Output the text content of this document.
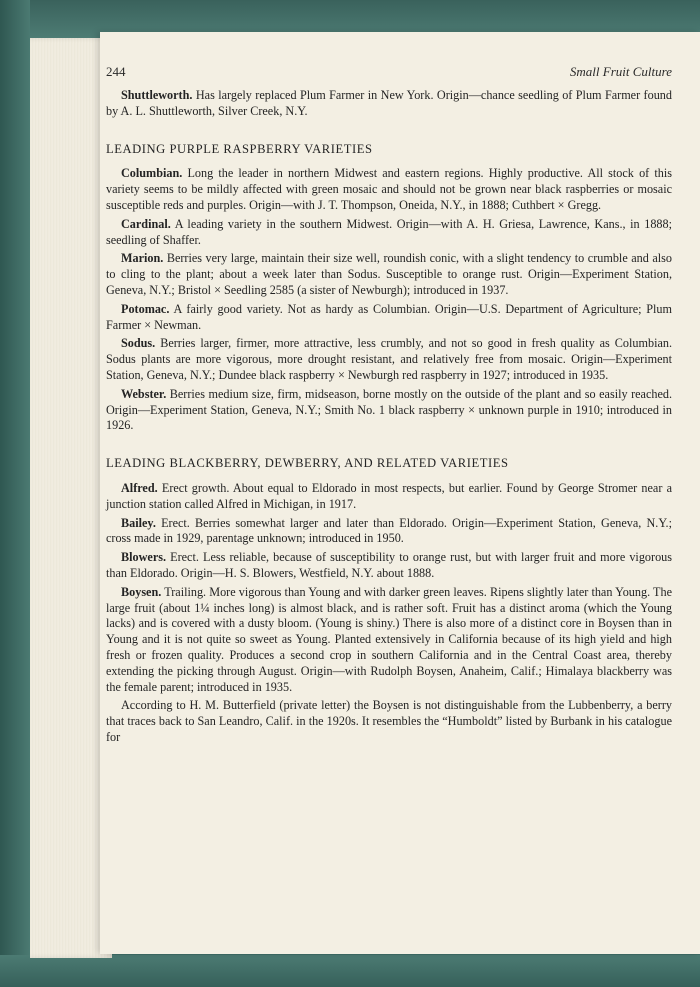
244	Small Fruit Culture

Shuttleworth. Has largely replaced Plum Farmer in New York. Origin—chance seedling of Plum Farmer found by A. L. Shuttleworth, Silver Creek, N.Y.

LEADING PURPLE RASPBERRY VARIETIES

Columbian. Long the leader in northern Midwest and eastern regions. Highly productive. All stock of this variety seems to be mildly affected with green mosaic and should not be grown near black raspberries or mosaic susceptible reds and purples. Origin—with J. T. Thompson, Oneida, N.Y., in 1888; Cuthbert × Gregg.

Cardinal. A leading variety in the southern Midwest. Origin—with A. H. Griesa, Lawrence, Kans., in 1888; seedling of Shaffer.

Marion. Berries very large, maintain their size well, roundish conic, with a slight tendency to crumble and also to cling to the plant; about a week later than Sodus. Susceptible to orange rust. Origin—Experiment Station, Geneva, N.Y.; Bristol × Seedling 2585 (a sister of Newburgh); introduced in 1937.

Potomac. A fairly good variety. Not as hardy as Columbian. Origin—U.S. Department of Agriculture; Plum Farmer × Newman.

Sodus. Berries larger, firmer, more attractive, less crumbly, and not so good in fresh quality as Columbian. Sodus plants are more vigorous, more drought resistant, and relatively free from mosaic. Origin—Experiment Station, Geneva, N.Y.; Dundee black raspberry × Newburgh red raspberry in 1927; introduced in 1935.

Webster. Berries medium size, firm, midseason, borne mostly on the outside of the plant and so easily reached. Origin—Experiment Station, Geneva, N.Y.; Smith No. 1 black raspberry × unknown purple in 1910; introduced in 1926.

LEADING BLACKBERRY, DEWBERRY, AND RELATED VARIETIES

Alfred. Erect growth. About equal to Eldorado in most respects, but earlier. Found by George Stromer near a junction station called Alfred in Michigan, in 1917.

Bailey. Erect. Berries somewhat larger and later than Eldorado. Origin—Experiment Station, Geneva, N.Y.; cross made in 1929, parentage unknown; introduced in 1950.

Blowers. Erect. Less reliable, because of susceptibility to orange rust, but with larger fruit and more vigorous than Eldorado. Origin—H. S. Blowers, Westfield, N.Y. about 1888.

Boysen. Trailing. More vigorous than Young and with darker green leaves. Ripens slightly later than Young. The large fruit (about 1¼ inches long) is almost black, and is rather soft. Fruit has a distinct aroma (which the Young lacks) and is covered with a dusty bloom. (Young is shiny.) There is also more of a distinct core in Boysen than in Young and it is not quite so sweet as Young. Planted extensively in California because of its high yield and high fresh or frozen quality. Produces a second crop in southern California and in the Central Coast area, thereby extending the picking through August. Origin—with Rudolph Boysen, Anaheim, Calif.; Himalaya blackberry was the female parent; introduced in 1935.

According to H. M. Butterfield (private letter) the Boysen is not distinguishable from the Lubbenberry, a berry that traces back to San Leandro, Calif. in the 1920s. It resembles the “Humboldt” listed by Burbank in his catalogue for
